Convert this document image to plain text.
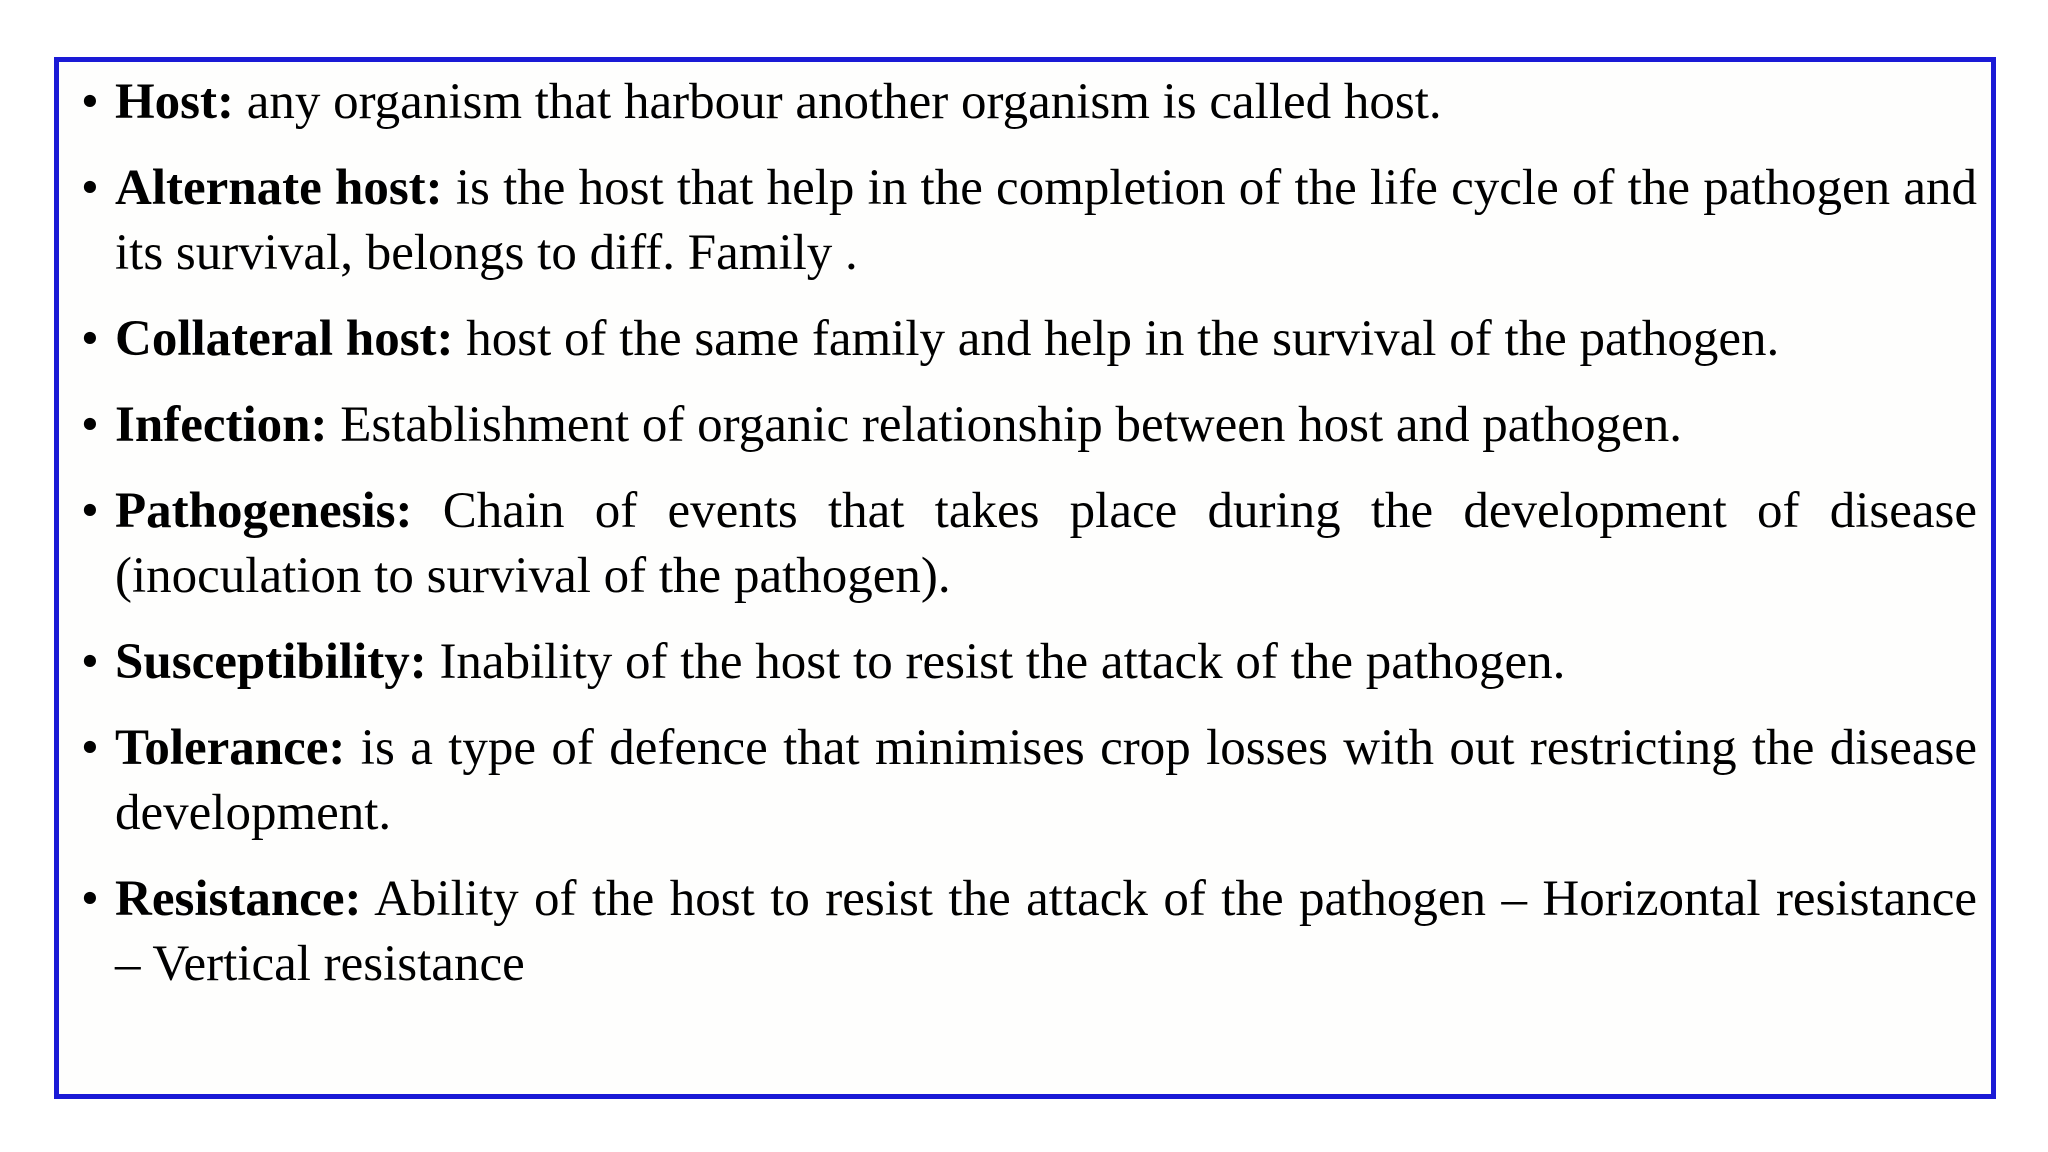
• Host: any organism that harbour another organism is called host.
• Alternate host: is the host that help in the completion of the life cycle of the pathogen and its survival, belongs to diff. Family .
• Collateral host: host of the same family and help in the survival of the pathogen.
• Infection: Establishment of organic relationship between host and pathogen.
• Pathogenesis: Chain of events that takes place during the development of disease (inoculation to survival of the pathogen).
• Susceptibility: Inability of the host to resist the attack of the pathogen.
• Tolerance: is a type of defence that minimises crop losses with out restricting the disease development.
• Resistance: Ability of the host to resist the attack of the pathogen – Horizontal resistance – Vertical resistance
